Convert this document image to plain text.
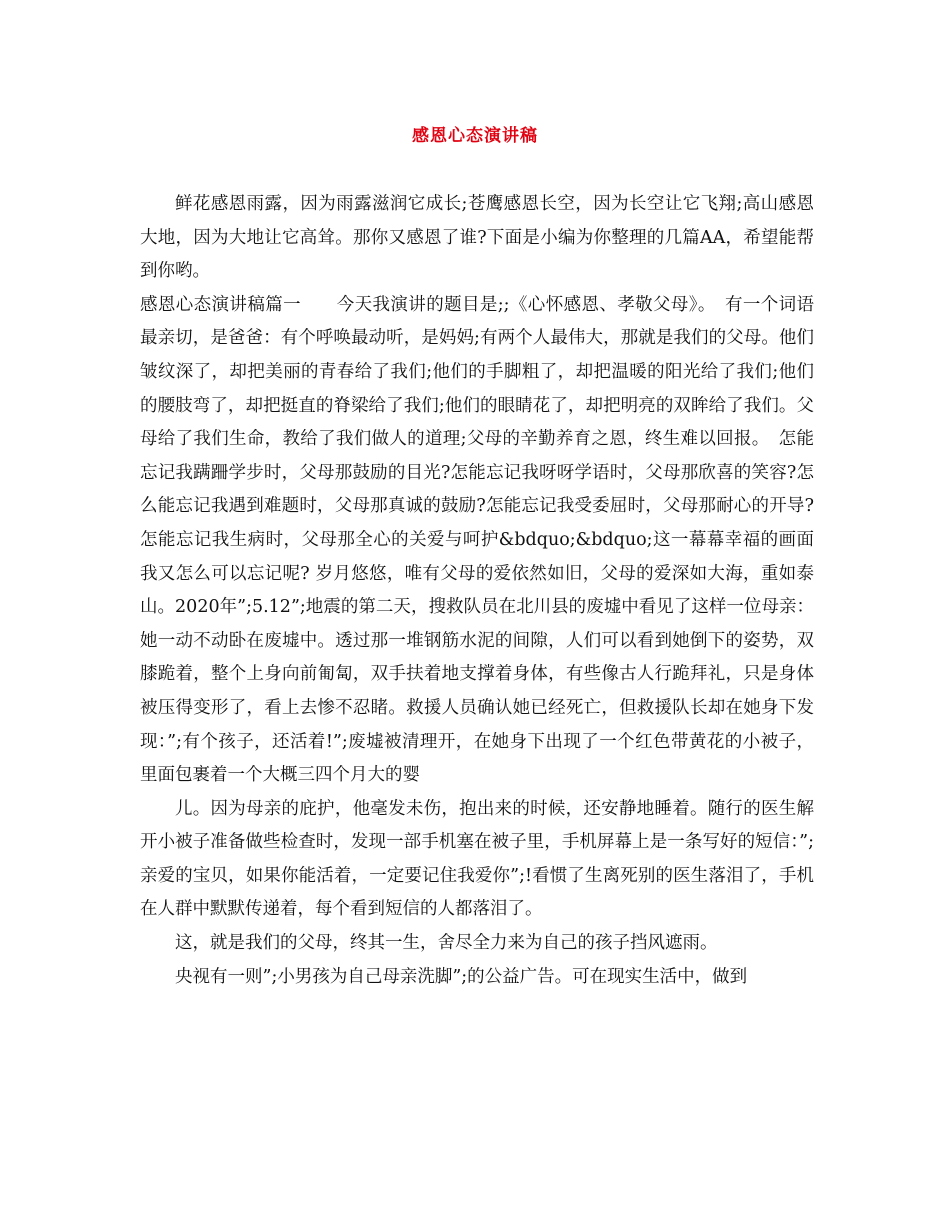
感恩心态演讲稿

鲜花感恩雨露，因为雨露滋润它成长;苍鹰感恩长空，因为长空让它飞翔;高山感恩大地，因为大地让它高耸。那你又感恩了谁?下面是小编为你整理的几篇AA，希望能帮到你哟。

感恩心态演讲稿篇一　　今天我演讲的题目是;;《心怀感恩、孝敬父母》。　有一个词语最亲切，是爸爸：有个呼唤最动听，是妈妈;有两个人最伟大，那就是我们的父母。他们皱纹深了，却把美丽的青春给了我们;他们的手脚粗了，却把温暖的阳光给了我们;他们的腰肢弯了，却把挺直的脊梁给了我们;他们的眼睛花了，却把明亮的双眸给了我们。父母给了我们生命，教给了我们做人的道理;父母的辛勤养育之恩，终生难以回报。　怎能忘记我蹒跚学步时，父母那鼓励的目光?怎能忘记我呀呀学语时，父母那欣喜的笑容?怎么能忘记我遇到难题时，父母那真诚的鼓励?怎能忘记我受委屈时，父母那耐心的开导?怎能忘记我生病时，父母那全心的关爱与呵护&bdquo;&bdquo;这一幕幕幸福的画面我又怎么可以忘记呢? 岁月悠悠，唯有父母的爱依然如旧，父母的爱深如大海，重如泰山。2020年”;5.12”;地震的第二天，搜救队员在北川县的废墟中看见了这样一位母亲：她一动不动卧在废墟中。透过那一堆钢筋水泥的间隙，人们可以看到她倒下的姿势，双膝跪着，整个上身向前匍匐，双手扶着地支撑着身体，有些像古人行跪拜礼，只是身体被压得变形了，看上去惨不忍睹。救援人员确认她已经死亡，但救援队长却在她身下发现：”;有个孩子，还活着!”;废墟被清理开，在她身下出现了一个红色带黄花的小被子，里面包裹着一个大概三四个月大的婴

儿。因为母亲的庇护，他毫发未伤，抱出来的时候，还安静地睡着。随行的医生解开小被子准备做些检查时，发现一部手机塞在被子里，手机屏幕上是一条写好的短信：”;亲爱的宝贝，如果你能活着，一定要记住我爱你”;!看惯了生离死别的医生落泪了，手机在人群中默默传递着，每个看到短信的人都落泪了。

这，就是我们的父母，终其一生，舍尽全力来为自己的孩子挡风遮雨。

央视有一则”;小男孩为自己母亲洗脚”;的公益广告。可在现实生活中，做到
